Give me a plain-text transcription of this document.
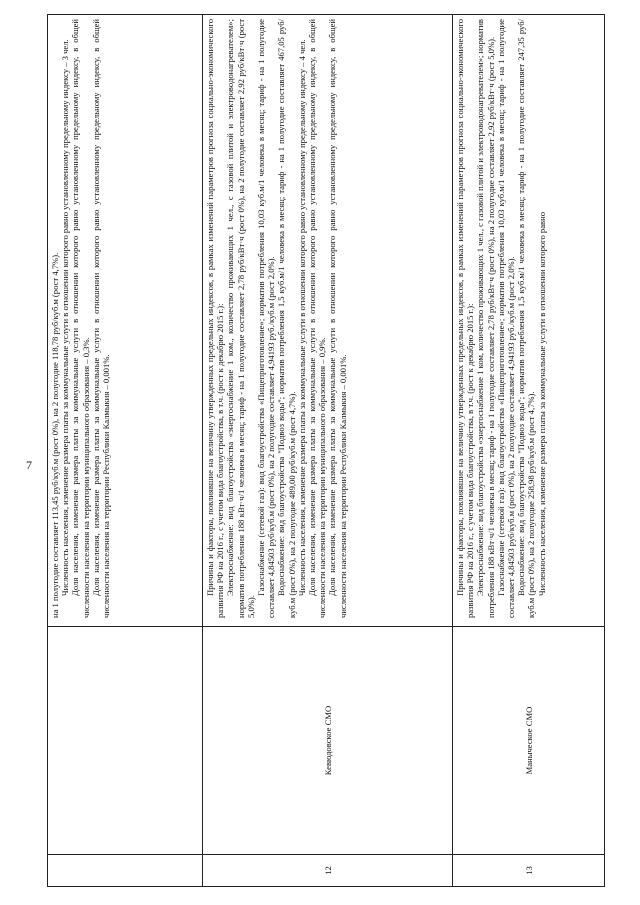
7 на 1 полугодие составляет 113,45 руб/куб.м (рост 0%), на 2 полугодие 118,78 руб/куб.м (рост 4,7%). Численность населения, изменение размера платы за коммунальные услуги в отношении которого равно установленному предельному индексу – 3 чел. Доля населения, изменение размера платы за коммунальные услуги в отношении которого равно установленному предельному индексу, в общей численности населения на территории муниципального образования – 0,3%. Доля населения, изменение размера платы за коммунальные услуги в отношении которого равно установленному предельному индексу, в общей численности населения на территории Республики Калмыкия – 0,001%.

12
Кевюдовское СМО

Причины и факторы, повлиявшие на величину утвержденных предельных индексов, в рамках изменений параметров прогноза социально-экономического развития РФ на 2016 г., с учетом вида благоустройства, в т.ч. (рост к декабрю 2015 г.): Электроснабжение: вид благоустройства «энергоснабжение 1 ком., количество проживающих 1 чел., с газовой плитой и электроводонагревателем»; норматив потребления 188 кВт·ч/1 человека в месяц; тариф - на 1 полугодие составляет 2,78 руб/кВт·ч (рост 0%), на 2 полугодие составляет 2,92 руб/кВт·ч (рост 5,0%).

Газоснабжение (сетевой газ): вид благоустройства «Пищеприготовление»; норматив потребления 10,03 куб.м/1 человека в месяц; тариф - на 1 полугодие составляет 4,84503 руб/куб.м (рост 0%), на 2 полугодие составляет 4,94193 руб./куб.м (рост 2,0%). Водоснабжение: вид благоустройства "Подвоз воды"; норматив потребления 1,5 куб.м/1 человека в месяц; тариф - на 1 полугодие составляет 467,05 руб/куб.м (рост 0%), на 2 полугодие 489,00 руб/куб.м (рост 4,7%). Численность населения, изменение размера платы за коммунальные услуги в отношении которого равно установленному предельному индексу – 4 чел. Доля населения, изменение размера платы за коммунальные услуги в отношении которого равно установленному предельному индексу, в общей численности населения на территории муниципального образования – 0,9%. Доля населения, изменение размера платы за коммунальные услуги в отношении которого равно установленному предельному индексу, в общей численности населения на территории Республики Калмыкия – 0,001%.

13
Маныческое СМО

Причины и факторы, повлиявшие на величину утвержденных предельных индексов, в рамках изменений параметров прогноза социально-экономического развития РФ на 2016 г., с учетом вида благоустройства, в т.ч. (рост к декабрю 2015 г.): Электроснабжение: вид благоустройства «энергоснабжение 1 ком, количество проживающих 1 чел., с газовой плитой и электроводонагревателем»; норматив потребления 188 кВт·ч/1 человека в месяц; тариф - на 1 полугодие составляет 2,78 руб/кВт·ч (рост 0%), на 2 полугодие составляет 2,92 руб/кВт·ч (рост 5,0%). Газоснабжение (сетевой газ): вид благоустройства «Пищеприготовление»; норматив потребления 10,03 куб.м/1 человека в месяц; тариф - на 1 полугодие составляет 4,84503 руб/куб.м (рост 0%), на 2 полугодие составляет 4,94193 руб./куб.м (рост 2,0%). Водоснабжение: вид благоустройства "Подвоз воды"; норматив потребления 1,5 куб.м/1 человека в месяц; тариф - на 1 полугодие составляет 247,35 руб/куб.м (рост 0%), на 2 полугодие 258,98 руб/куб.м (рост 4,7%). Численность населения, изменение размера платы за коммунальные услуги в отношении которого равно
